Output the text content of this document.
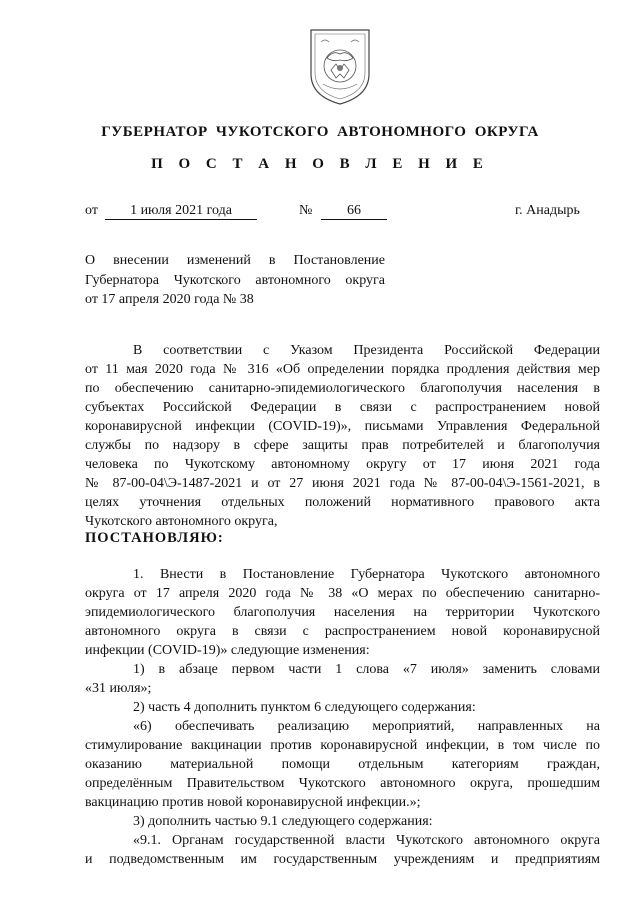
ГУБЕРНАТОР ЧУКОТСКОГО АВТОНОМНОГО ОКРУГА
П О С Т А Н О В Л Е Н И Е
от	1 июля 2021 года	№	66	г. Анадырь
О внесении изменений в Постановление
Губернатора Чукотского автономного округа
от 17 апреля 2020 года № 38
В соответствии с Указом Президента Российской Федерации
от 11 мая 2020 года № 316 «Об определении порядка продления действия мер
по обеспечению санитарно-эпидемиологического благополучия населения в
субъектах Российской Федерации в связи с распространением новой
коронавирусной инфекции (COVID-19)», письмами Управления Федеральной
службы по надзору в сфере защиты прав потребителей и благополучия
человека по Чукотскому автономному округу от 17 июня 2021 года
№ 87-00-04\Э-1487-2021 и от 27 июня 2021 года № 87-00-04\Э-1561-2021, в
целях уточнения отдельных положений нормативного правового акта
Чукотского автономного округа,
ПОСТАНОВЛЯЮ:
1. Внести в Постановление Губернатора Чукотского автономного
округа от 17 апреля 2020 года № 38 «О мерах по обеспечению санитарно-
эпидемиологического благополучия населения на территории Чукотского
автономного округа в связи с распространением новой коронавирусной
инфекции (COVID-19)» следующие изменения:
1) в абзаце первом части 1 слова «7 июля» заменить словами
«31 июля»;
2) часть 4 дополнить пунктом 6 следующего содержания:
«6) обеспечивать реализацию мероприятий, направленных на
стимулирование вакцинации против коронавирусной инфекции, в том числе по
оказанию материальной помощи отдельным категориям граждан,
определённым Правительством Чукотского автономного округа, прошедшим
вакцинацию против новой коронавирусной инфекции.»;
3) дополнить частью 9.1 следующего содержания:
«9.1. Органам государственной власти Чукотского автономного округа
и подведомственным им государственным учреждениям и предприятиям
